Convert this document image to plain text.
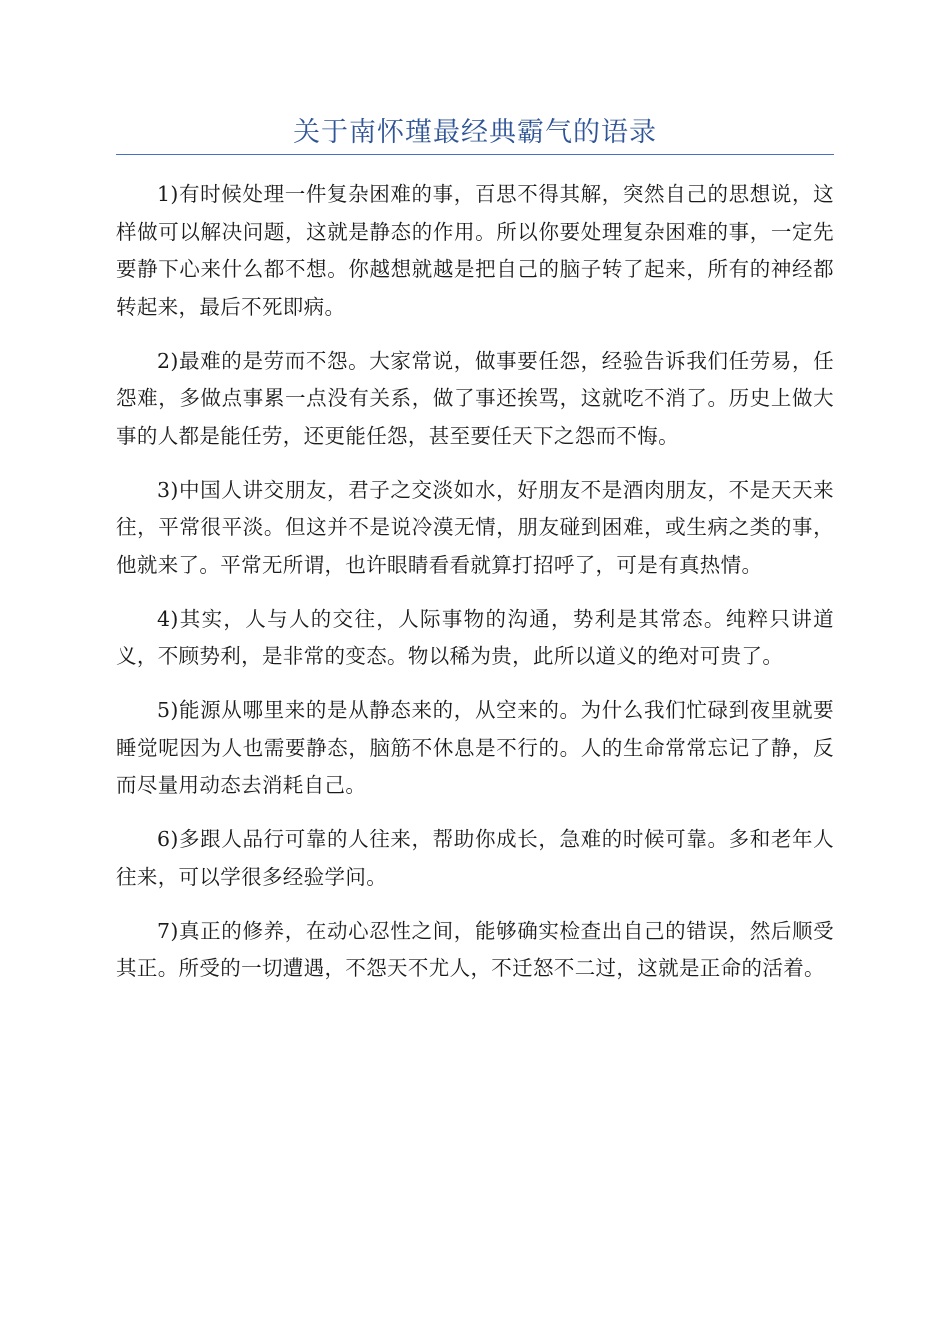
关于南怀瑾最经典霸气的语录

1)有时候处理一件复杂困难的事，百思不得其解，突然自己的思想说，这样做可以解决问题，这就是静态的作用。所以你要处理复杂困难的事，一定先要静下心来什么都不想。你越想就越是把自己的脑子转了起来，所有的神经都转起来，最后不死即病。

2)最难的是劳而不怨。大家常说，做事要任怨，经验告诉我们任劳易，任怨难，多做点事累一点没有关系，做了事还挨骂，这就吃不消了。历史上做大事的人都是能任劳，还更能任怨，甚至要任天下之怨而不悔。

3)中国人讲交朋友，君子之交淡如水，好朋友不是酒肉朋友，不是天天来往，平常很平淡。但这并不是说冷漠无情，朋友碰到困难，或生病之类的事，他就来了。平常无所谓，也许眼睛看看就算打招呼了，可是有真热情。

4)其实，人与人的交往，人际事物的沟通，势利是其常态。纯粹只讲道义，不顾势利，是非常的变态。物以稀为贵，此所以道义的绝对可贵了。

5)能源从哪里来的是从静态来的，从空来的。为什么我们忙碌到夜里就要睡觉呢因为人也需要静态，脑筋不休息是不行的。人的生命常常忘记了静，反而尽量用动态去消耗自己。

6)多跟人品行可靠的人往来，帮助你成长，急难的时候可靠。多和老年人往来，可以学很多经验学问。

7)真正的修养，在动心忍性之间，能够确实检查出自己的错误，然后顺受其正。所受的一切遭遇，不怨天不尤人，不迁怒不二过，这就是正命的活着。
